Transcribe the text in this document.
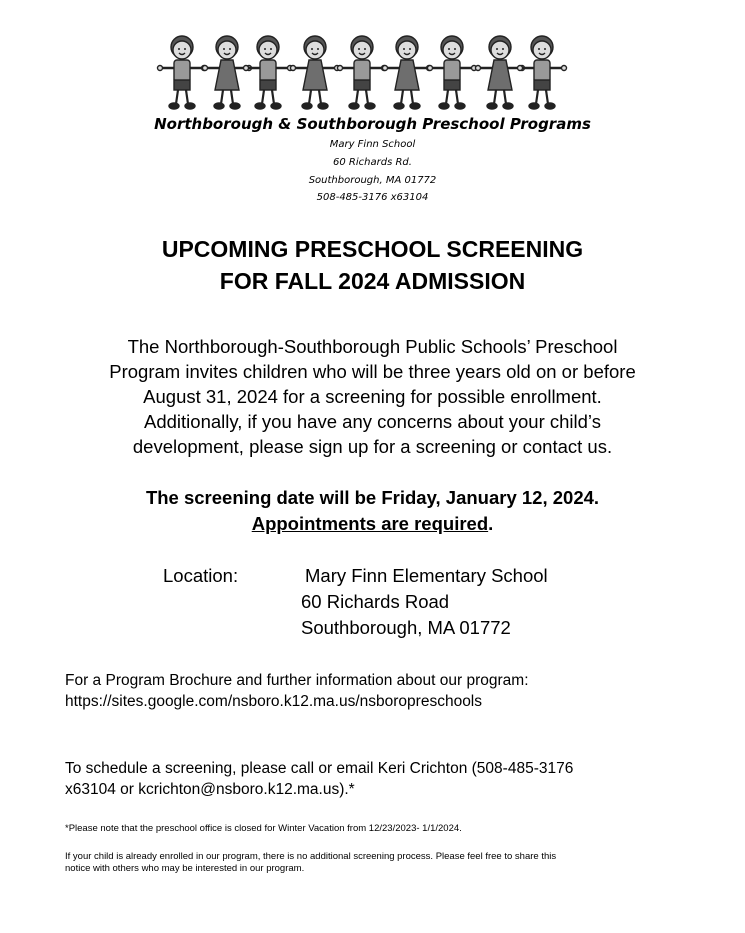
Northborough & Southborough Preschool Programs
Mary Finn School
60 Richards Rd.
Southborough, MA 01772
508-485-3176 x63104
UPCOMING PRESCHOOL SCREENING
FOR FALL 2024 ADMISSION
The Northborough-Southborough Public Schools’ Preschool
Program invites children who will be three years old on or before
August 31, 2024 for a screening for possible enrollment.
Additionally, if you have any concerns about your child’s
development, please sign up for a screening or contact us.
The screening date will be Friday, January 12, 2024.
Appointments are required.
Location:	Mary Finn Elementary School
60 Richards Road
Southborough, MA 01772
For a Program Brochure and further information about our program:
https://sites.google.com/nsboro.k12.ma.us/nsboropreschools
To schedule a screening, please call or email Keri Crichton (508-485-3176
x63104 or kcrichton@nsboro.k12.ma.us).*
*Please note that the preschool office is closed for Winter Vacation from 12/23/2023- 1/1/2024.
If your child is already enrolled in our program, there is no additional screening process. Please feel free to share this
notice with others who may be interested in our program.
